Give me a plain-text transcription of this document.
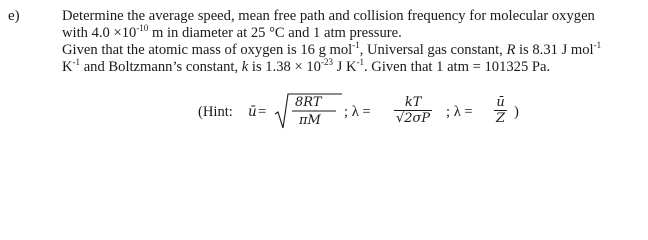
e)	Determine the average speed, mean free path and collision frequency for molecular oxygen
with $4.0 \times 10^{-10}$ m in diameter at 25 °C and 1 atm pressure.
Given that the atomic mass of oxygen is 16 g mol$^{-1}$, Universal gas constant, R is 8.31 J mol$^{-1}$
$K^{-1}$ and Boltzmann’s constant, k is $1.38 \times 10^{-23}$ J $K^{-1}$. Given that 1 atm = 101325 Pa.
(Hint: ū =
8RT
πM
; λ =
kT
√2σP ; λ =
ū
Z )
